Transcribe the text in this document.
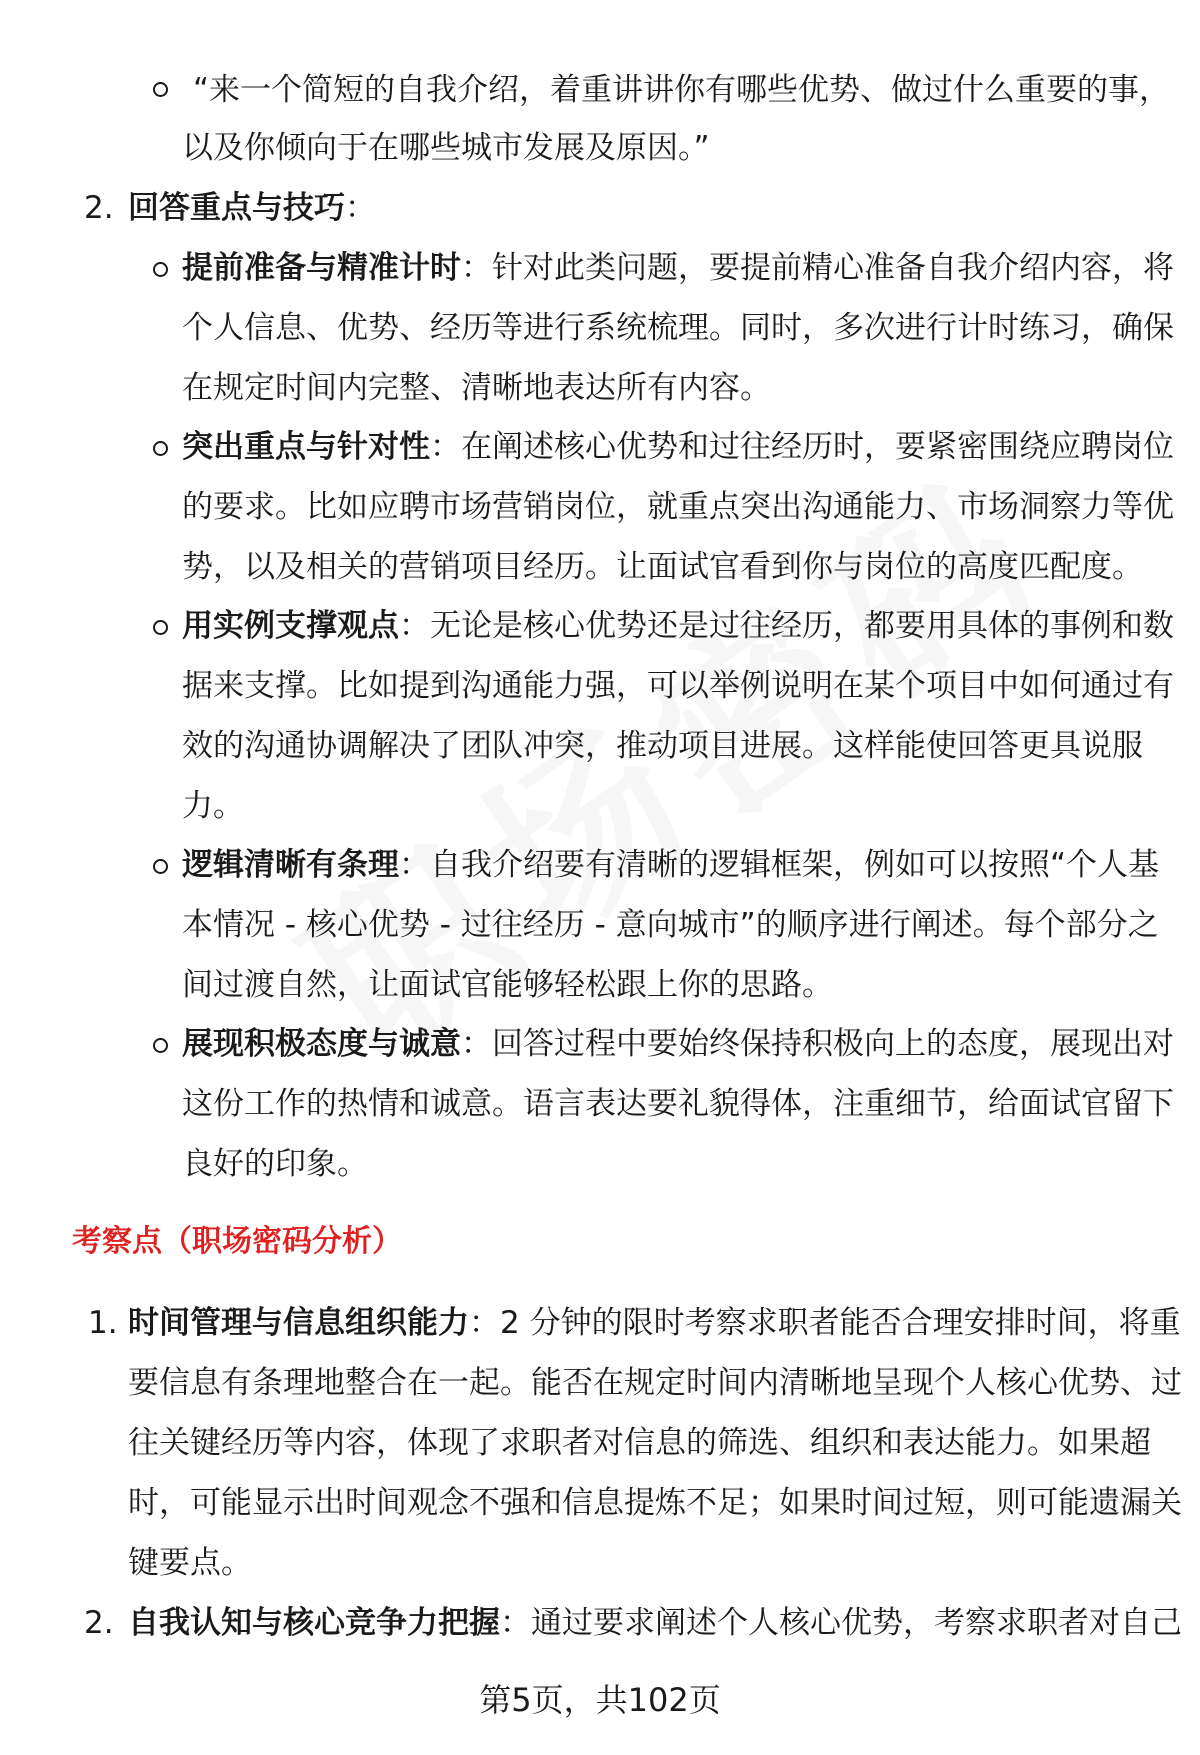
“来一个简短的自我介绍，着重讲讲你有哪些优势、做过什么重要的事，
以及你倾向于在哪些城市发展及原因。”
2. 回答重点与技巧：
提前准备与精准计时：针对此类问题，要提前精心准备自我介绍内容，将
个人信息、优势、经历等进行系统梳理。同时，多次进行计时练习，确保
在规定时间内完整、清晰地表达所有内容。
突出重点与针对性：在阐述核心优势和过往经历时，要紧密围绕应聘岗位
的要求。比如应聘市场营销岗位，就重点突出沟通能力、市场洞察力等优
势，以及相关的营销项目经历。让面试官看到你与岗位的高度匹配度。
用实例支撑观点：无论是核心优势还是过往经历，都要用具体的事例和数
据来支撑。比如提到沟通能力强，可以举例说明在某个项目中如何通过有
效的沟通协调解决了团队冲突，推动项目进展。这样能使回答更具说服
力。
逻辑清晰有条理：自我介绍要有清晰的逻辑框架，例如可以按照“个人基
本情况 - 核心优势 - 过往经历 - 意向城市”的顺序进行阐述。每个部分之
间过渡自然，让面试官能够轻松跟上你的思路。
展现积极态度与诚意：回答过程中要始终保持积极向上的态度，展现出对
这份工作的热情和诚意。语言表达要礼貌得体，注重细节，给面试官留下
良好的印象。
考察点（职场密码分析）
1. 时间管理与信息组织能力：2 分钟的限时考察求职者能否合理安排时间，将重
要信息有条理地整合在一起。能否在规定时间内清晰地呈现个人核心优势、过
往关键经历等内容，体现了求职者对信息的筛选、组织和表达能力。如果超
时，可能显示出时间观念不强和信息提炼不足；如果时间过短，则可能遗漏关
键要点。
2. 自我认知与核心竞争力把握：通过要求阐述个人核心优势，考察求职者对自己
第5页，共102页
